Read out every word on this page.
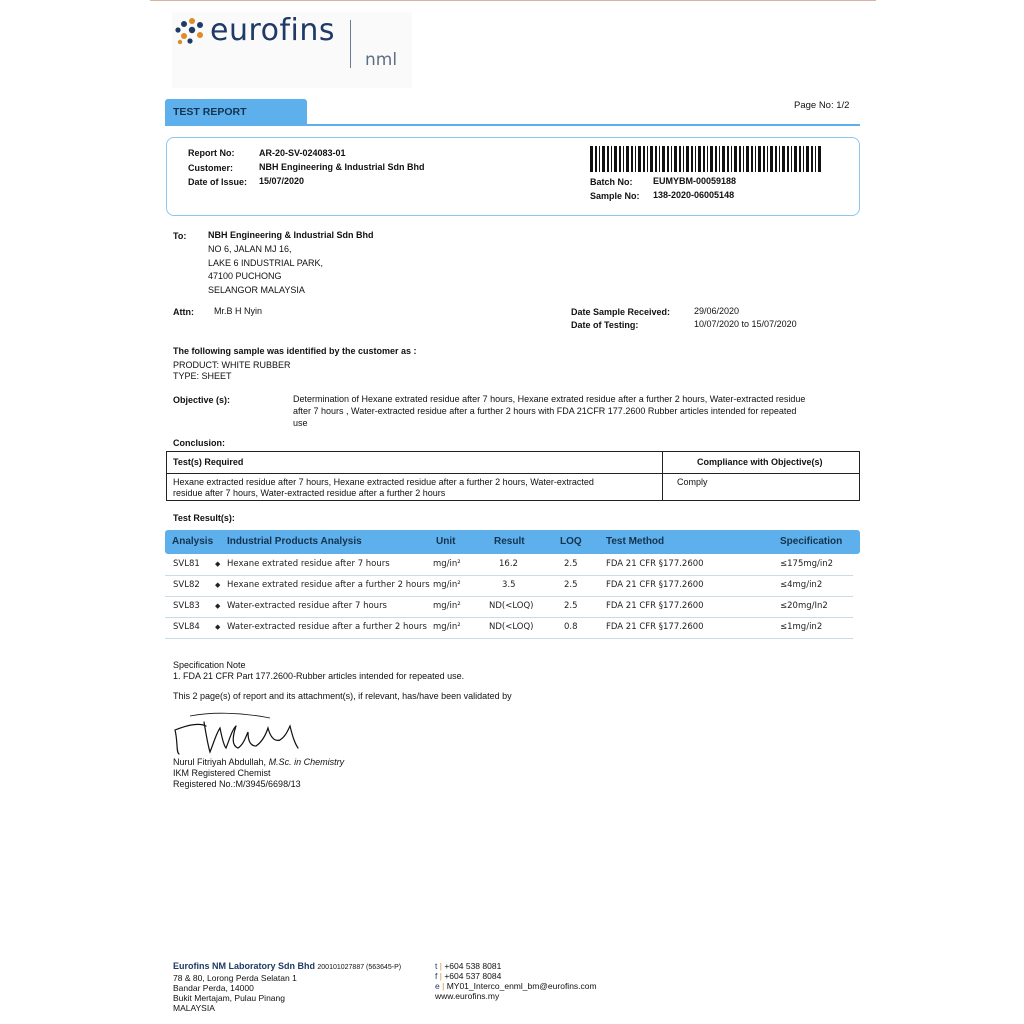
eurofins
nml
TEST REPORT
Page No: 1/2
Report No:	AR-20-SV-024083-01
Customer:	NBH Engineering & Industrial Sdn Bhd
Date of Issue: 15/07/2020	Batch No: EUMYBM-00059188
Sample No: 138-2020-06005148
To: NBH Engineering & Industrial Sdn Bhd
NO 6, JALAN MJ 16,
LAKE 6 INDUSTRIAL PARK,
47100 PUCHONG
SELANGOR MALAYSIA
Attn: Mr.B H Nyin	Date Sample Received:	29/06/2020
Date of Testing:	10/07/2020 to 15/07/2020
The following sample was identified by the customer as :
PRODUCT: WHITE RUBBER
TYPE: SHEET
Objective (s):	Determination of Hexane extrated residue after 7 hours, Hexane extrated residue after a further 2 hours, Water-extracted residue
after 7 hours , Water-extracted residue after a further 2 hours with FDA 21CFR 177.2600 Rubber articles intended for repeated
use
Conclusion:
Test(s) Required	Compliance with Objective(s)
Hexane extracted residue after 7 hours, Hexane extracted residue after a further 2 hours, Water-extracted
residue after 7 hours, Water-extracted residue after a further 2 hours
Comply
Test Result(s):
Analysis Industrial Products Analysis	Unit	Result	LOQ Test Method	Specification
SVL81 ◆ Hexane extrated residue after 7 hours	mg/in²	16.2	2.5	FDA 21 CFR §177.2600	≤175mg/in2
SVL82 ◆ Hexane extrated residue after a further 2 hours mg/in²	3.5	2.5	FDA 21 CFR §177.2600	≤4mg/in2
SVL83 ◆ Water-extracted residue after 7 hours	mg/in²	ND(<LOQ)	2.5	FDA 21 CFR §177.2600	≤20mg/In2
SVL84 ◆ Water-extracted residue after a further 2 hours mg/in²	ND(<LOQ)	0.8	FDA 21 CFR §177.2600	≤1mg/in2
Specification Note
1. FDA 21 CFR Part 177.2600-Rubber articles intended for repeated use.
This 2 page(s) of report and its attachment(s), if relevant, has/have been validated by
Nurul Fitriyah Abdullah, M.Sc. in Chemistry
IKM Registered Chemist
Registered No.:M/3945/6698/13
Eurofins NM Laboratory Sdn Bhd 200101027887 (563645-P)
78 & 80, Lorong Perda Selatan 1
Bandar Perda, 14000
Bukit Mertajam, Pulau Pinang
MALAYSIA
t | +604 538 8081
f | +604 537 8084
e | MY01_Interco_enml_bm@eurofins.com
www.eurofins.my
